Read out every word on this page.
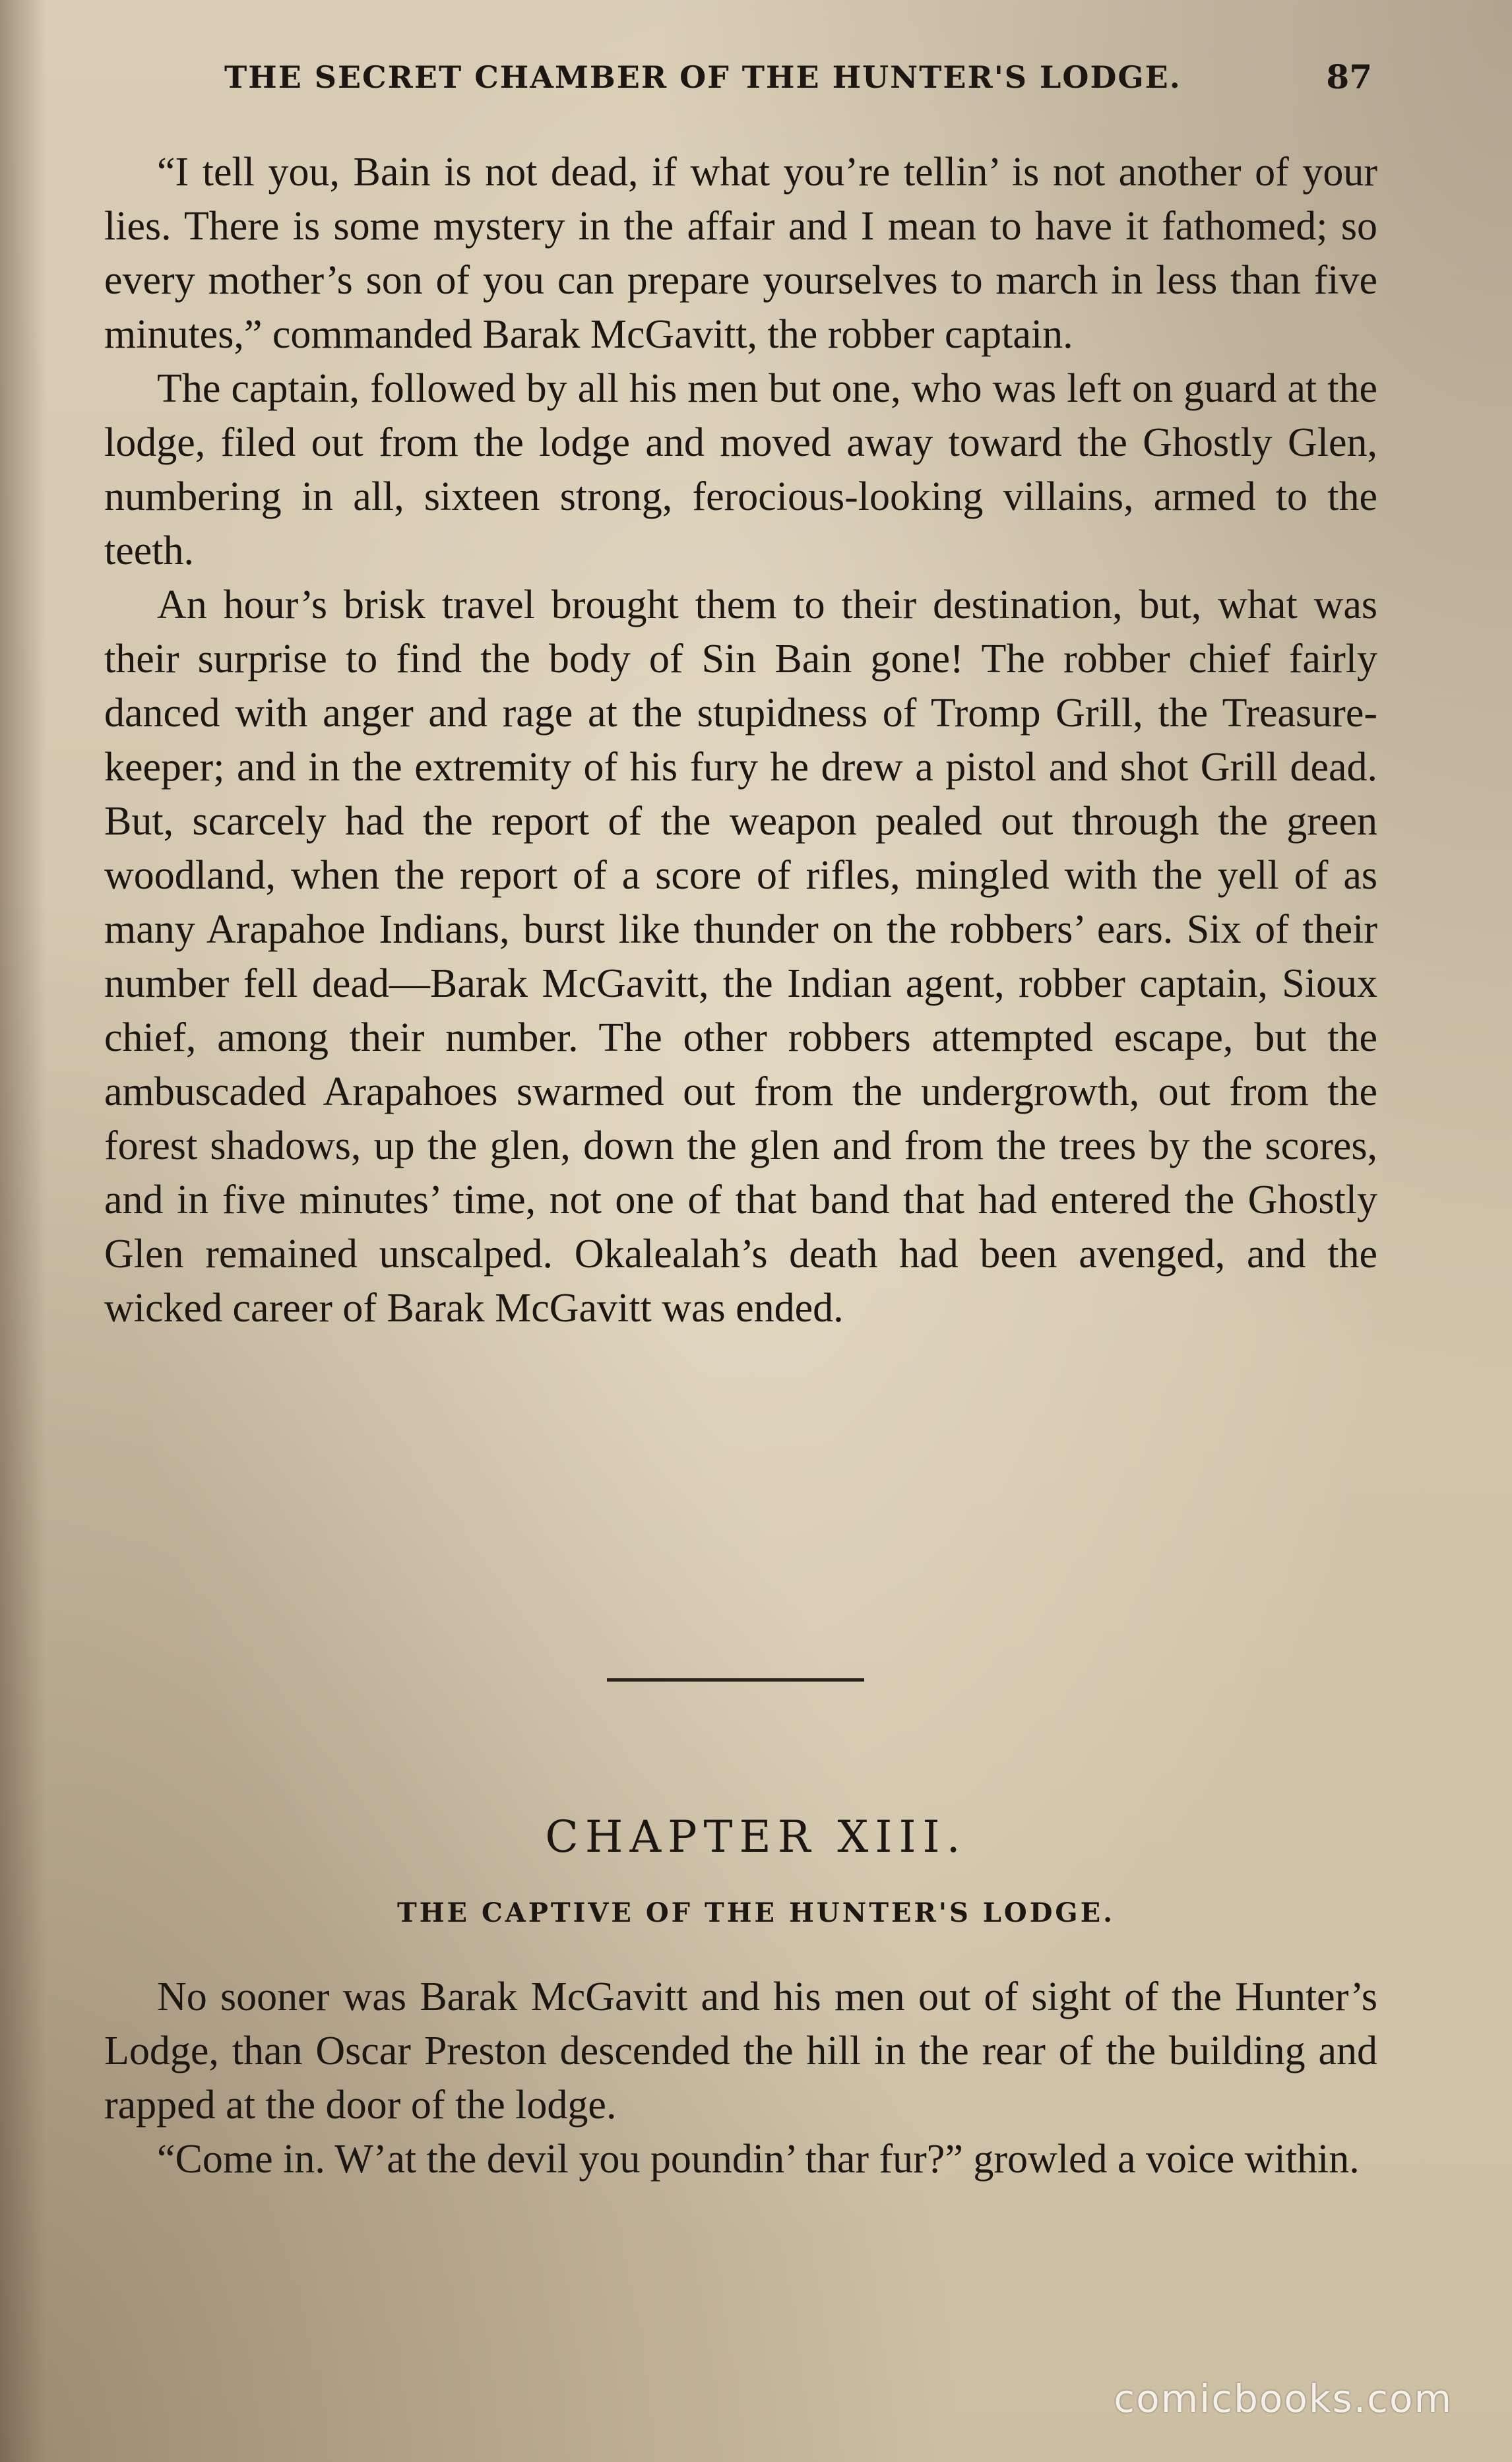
THE SECRET CHAMBER OF THE HUNTER'S LODGE.	87

“I tell you, Bain is not dead, if what you’re tellin’ is not another of your lies. There is some mystery in the affair and I mean to have it fathomed; so every mother’s son of you can prepare yourselves to march in less than five minutes,” commanded Barak McGavitt, the robber captain.

The captain, followed by all his men but one, who was left on guard at the lodge, filed out from the lodge and moved away toward the Ghostly Glen, numbering in all, sixteen strong, ferocious-looking villains, armed to the teeth.

An hour’s brisk travel brought them to their destination, but, what was their surprise to find the body of Sin Bain gone! The robber chief fairly danced with anger and rage at the stupidness of Tromp Grill, the Treasure-keeper; and in the extremity of his fury he drew a pistol and shot Grill dead. But, scarcely had the report of the weapon pealed out through the green woodland, when the report of a score of rifles, mingled with the yell of as many Arapahoe Indians, burst like thunder on the robbers’ ears. Six of their number fell dead—Barak McGavitt, the Indian agent, robber captain, Sioux chief, among their number. The other robbers attempted escape, but the ambuscaded Arapahoes swarmed out from the undergrowth, out from the forest shadows, up the glen, down the glen and from the trees by the scores, and in five minutes’ time, not one of that band that had entered the Ghostly Glen remained unscalped. Okalealah’s death had been avenged, and the wicked career of Barak McGavitt was ended.

CHAPTER XIII.
THE CAPTIVE OF THE HUNTER'S LODGE.

No sooner was Barak McGavitt and his men out of sight of the Hunter’s Lodge, than Oscar Preston descended the hill in the rear of the building and rapped at the door of the lodge.

“Come in. W’at the devil you poundin’ thar fur?” growled a voice within.

comicbooks.com
